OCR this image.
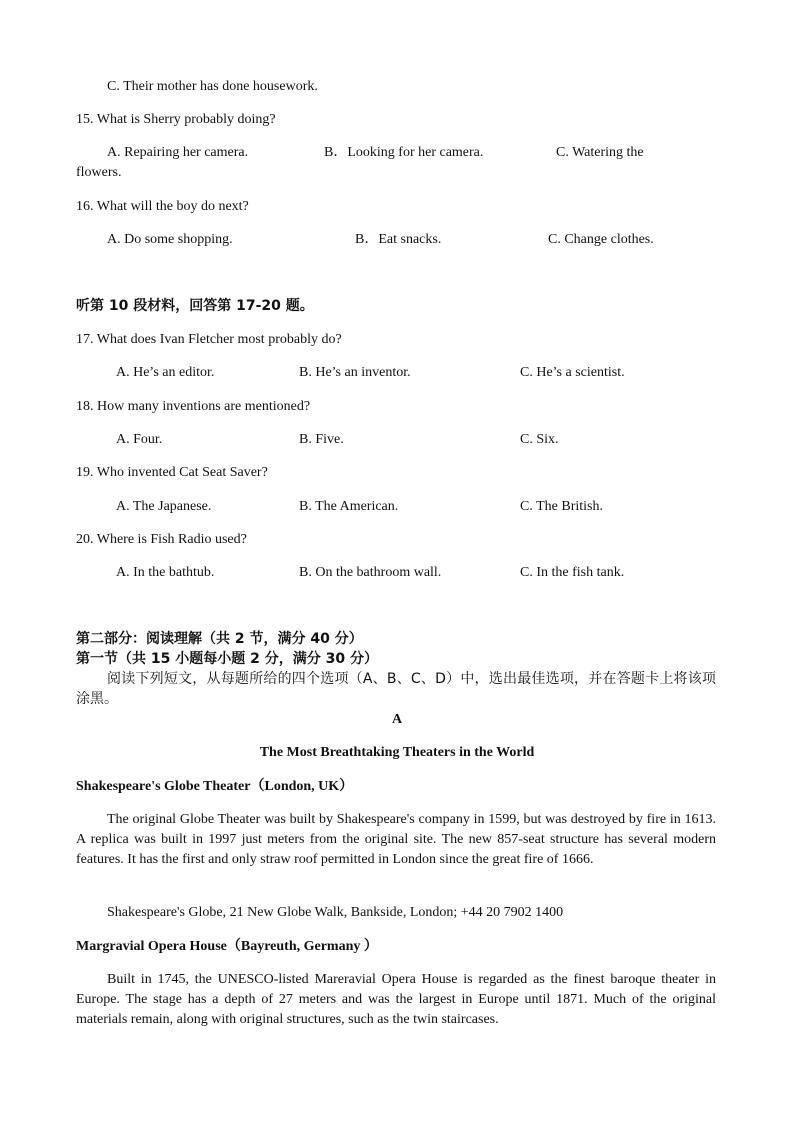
C. Their mother has done housework.
15. What is Sherry probably doing?
A. Repairing her camera.	B．Looking for her camera.	C. Watering the
flowers.
16. What will the boy do next?
A. Do some shopping.	B．Eat snacks.	C. Change clothes.
听第 10 段材料，回答第 17-20 题。
17. What does Ivan Fletcher most probably do?
A. He’s an editor.	B. He’s an inventor.	C. He’s a scientist.
18. How many inventions are mentioned?
A. Four.	B. Five.	C. Six.
19. Who invented Cat Seat Saver?
A. The Japanese.	B. The American.	C. The British.
20. Where is Fish Radio used?
A. In the bathtub.	B. On the bathroom wall.	C. In the fish tank.
第二部分：阅读理解（共 2 节，满分 40 分）
第一节（共 15 小题每小题 2 分，满分 30 分）

阅读下列短文，从每题所给的四个选项（A、B、C、D）中，选出最佳选项，并在答题卡上将该项涂黑。

A
The Most Breathtaking Theaters in the World
Shakespeare's Globe Theater（London, UK）

The original Globe Theater was built by Shakespeare's company in 1599, but was destroyed by fire in 1613. A replica was built in 1997 just meters from the original site. The new 857-seat structure has several modern features. It has the first and only straw roof permitted in London since the great fire of 1666.

Shakespeare's Globe, 21 New Globe Walk, Bankside, London; +44 20 7902 1400
Margravial Opera House（Bayreuth, Germany ）

Built in 1745, the UNESCO-listed Mareravial Opera House is regarded as the finest baroque theater in Europe. The stage has a depth of 27 meters and was the largest in Europe until 1871. Much of the original materials remain, along with original structures, such as the twin staircases.
